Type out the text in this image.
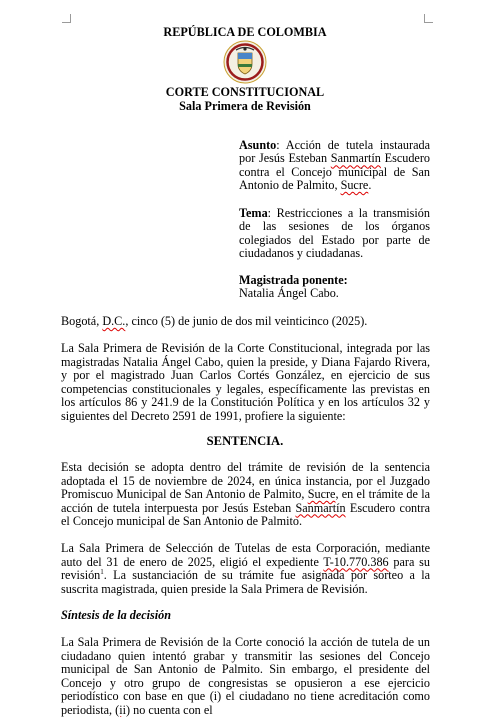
REPÚBLICA DE COLOMBIA
CORTE CONSTITUCIONAL
Sala Primera de Revisión
Asunto: Acción de tutela instaurada por Jesús Esteban Sanmartín Escudero contra el Concejo municipal de San Antonio de Palmito, Sucre.
Tema: Restricciones a la transmisión de las sesiones de los órganos colegiados del Estado por parte de ciudadanos y ciudadanas.
Magistrada ponente:
Natalia Ángel Cabo.
Bogotá, D.C., cinco (5) de junio de dos mil veinticinco (2025).
La Sala Primera de Revisión de la Corte Constitucional, integrada por las magistradas Natalia Ángel Cabo, quien la preside, y Diana Fajardo Rivera, y por el magistrado Juan Carlos Cortés González, en ejercicio de sus competencias constitucionales y legales, específicamente las previstas en los artículos 86 y 241.9 de la Constitución Política y en los artículos 32 y siguientes del Decreto 2591 de 1991, profiere la siguiente:
SENTENCIA.
Esta decisión se adopta dentro del trámite de revisión de la sentencia adoptada el 15 de noviembre de 2024, en única instancia, por el Juzgado Promiscuo Municipal de San Antonio de Palmito, Sucre, en el trámite de la acción de tutela interpuesta por Jesús Esteban Sanmartín Escudero contra el Concejo municipal de San Antonio de Palmito.
La Sala Primera de Selección de Tutelas de esta Corporación, mediante auto del 31 de enero de 2025, eligió el expediente T-10.770.386 para su revisión$^1$. La sustanciación de su trámite fue asignada por sorteo a la suscrita magistrada, quien preside la Sala Primera de Revisión.
Síntesis de la decisión
La Sala Primera de Revisión de la Corte conoció la acción de tutela de un ciudadano quien intentó grabar y transmitir las sesiones del Concejo municipal de San Antonio de Palmito. Sin embargo, el presidente del Concejo y otro grupo de congresistas se opusieron a ese ejercicio periodístico con base en que (i) el ciudadano no tiene acreditación como periodista, (ii) no cuenta con el
